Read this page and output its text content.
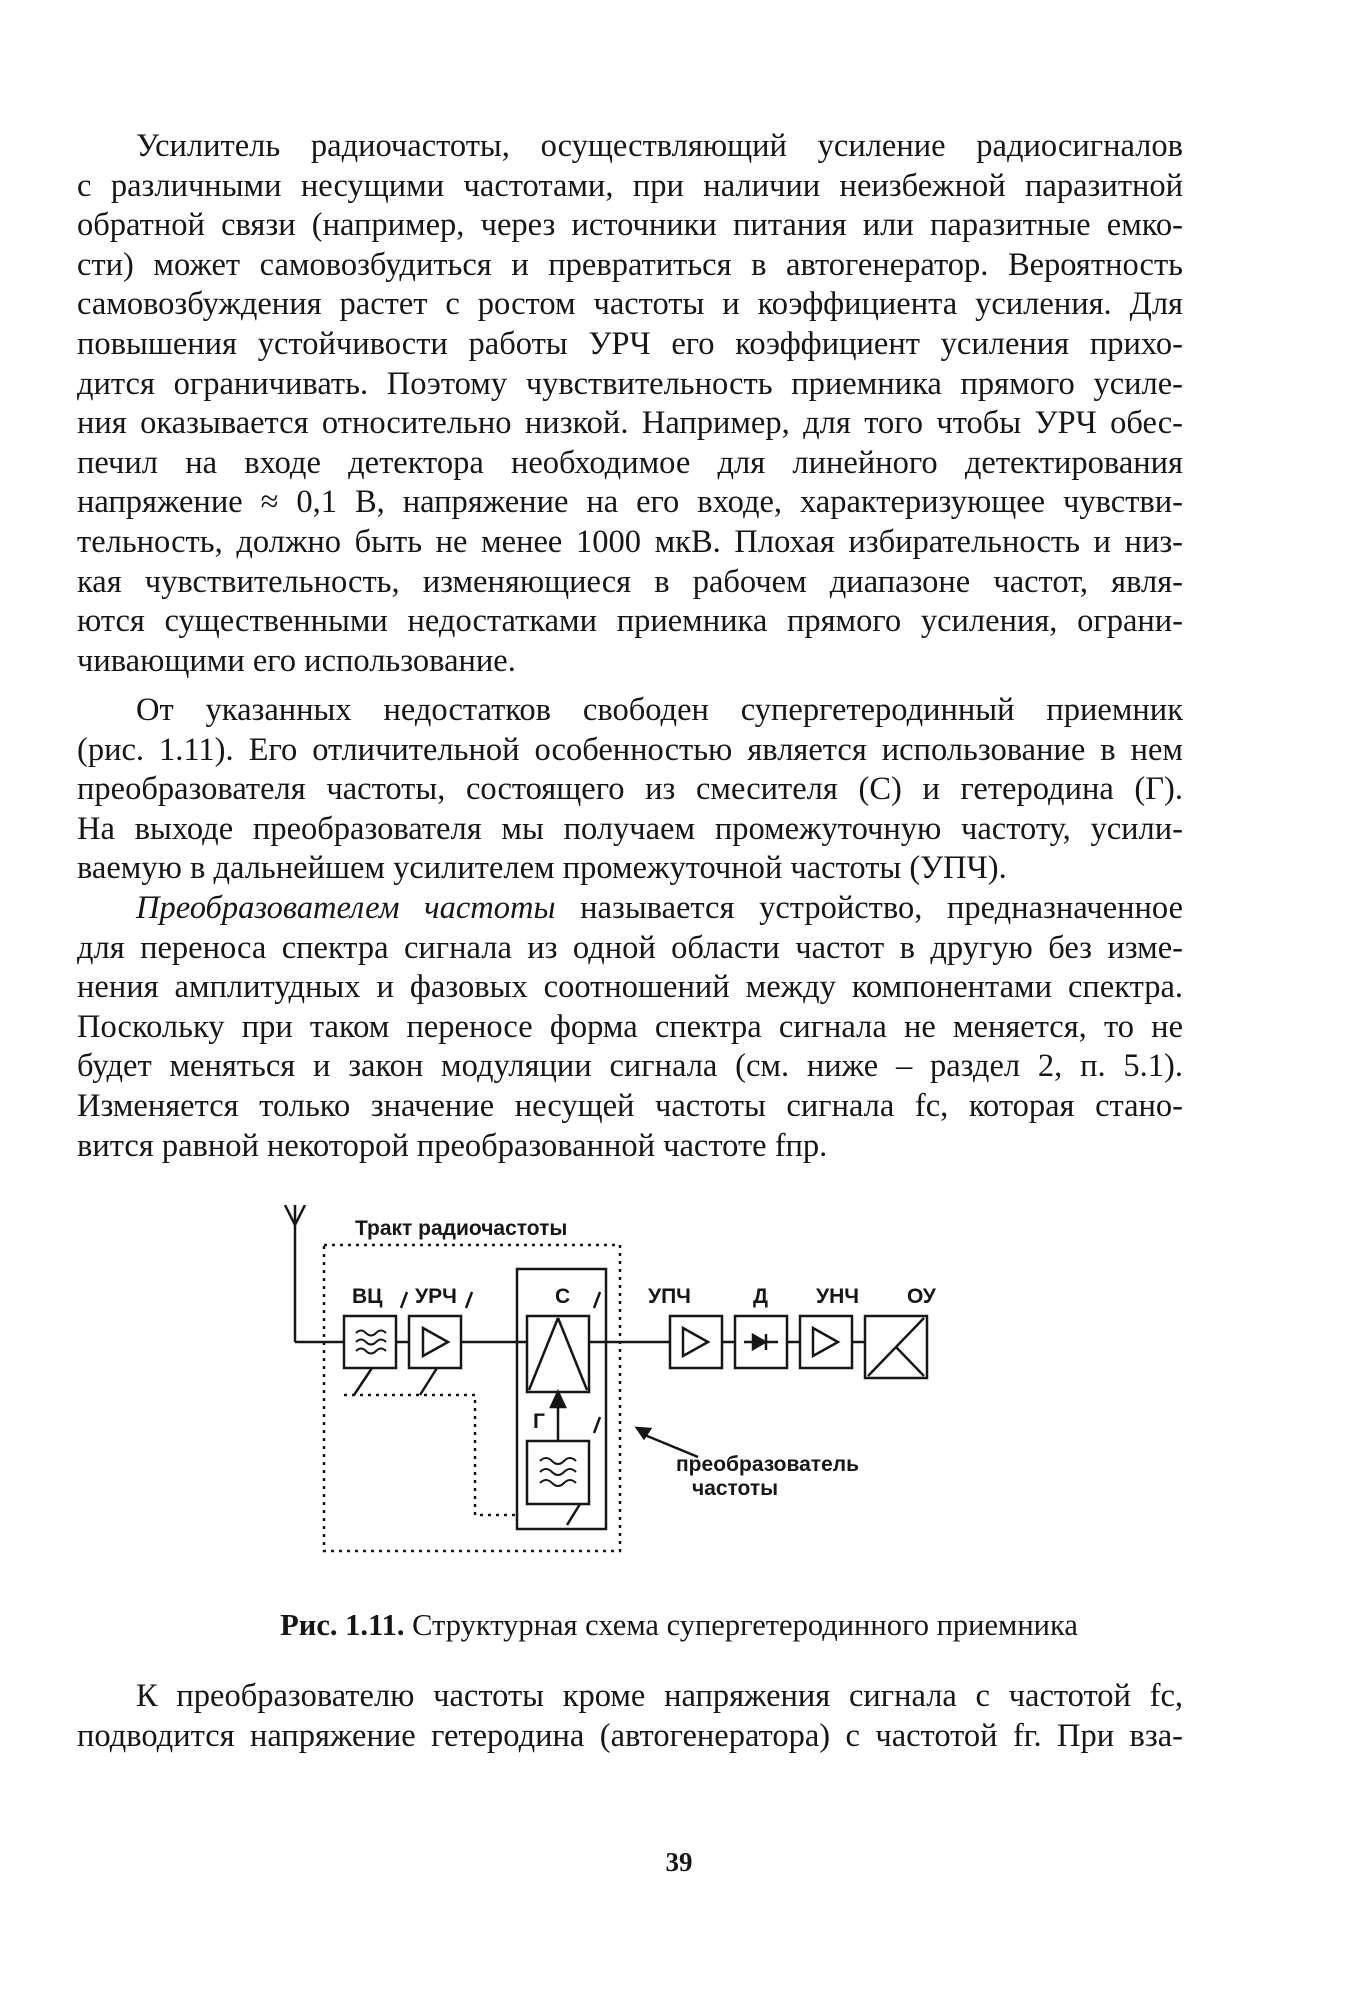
Усилитель радиочастоты, осуществляющий усиление радиосигналов
с различными несущими частотами, при наличии неизбежной паразитной
обратной связи (например, через источники питания или паразитные емко-
сти) может самовозбудиться и превратиться в автогенератор. Вероятность
самовозбуждения растет с ростом частоты и коэффициента усиления. Для
повышения устойчивости работы УРЧ его коэффициент усиления прихо-
дится ограничивать. Поэтому чувствительность приемника прямого усиле-
ния оказывается относительно низкой. Например, для того чтобы УРЧ обес-
печил на входе детектора необходимое для линейного детектирования
напряжение ≈ 0,1 В, напряжение на его входе, характеризующее чувстви-
тельность, должно быть не менее 1000 мкВ. Плохая избирательность и низ-
кая чувствительность, изменяющиеся в рабочем диапазоне частот, явля-
ются существенными недостатками приемника прямого усиления, ограни-
чивающими его использование.
От указанных недостатков свободен супергетеродинный приемник
(рис. 1.11). Его отличительной особенностью является использование в нем
преобразователя частоты, состоящего из смесителя (С) и гетеродина (Г).
На выходе преобразователя мы получаем промежуточную частоту, усили-
ваемую в дальнейшем усилителем промежуточной частоты (УПЧ).
Преобразователем частоты называется устройство, предназначенное
для переноса спектра сигнала из одной области частот в другую без изме-
нения амплитудных и фазовых соотношений между компонентами спектра.
Поскольку при таком переносе форма спектра сигнала не меняется, то не
будет меняться и закон модуляции сигнала (см. ниже – раздел 2, п. 5.1).
Изменяется только значение несущей частоты сигнала fc, которая стано-
вится равной некоторой преобразованной частоте fпр.
Тракт радиочастоты
ВЦ УРЧ	С	УПЧ	Д УНЧ ОУ
Г
преобразователь
частоты
Рис. 1.11. Структурная схема супергетеродинного приемника
К преобразователю частоты кроме напряжения сигнала с частотой fc,
подводится напряжение гетеродина (автогенератора) с частотой fг. При вза-
39
